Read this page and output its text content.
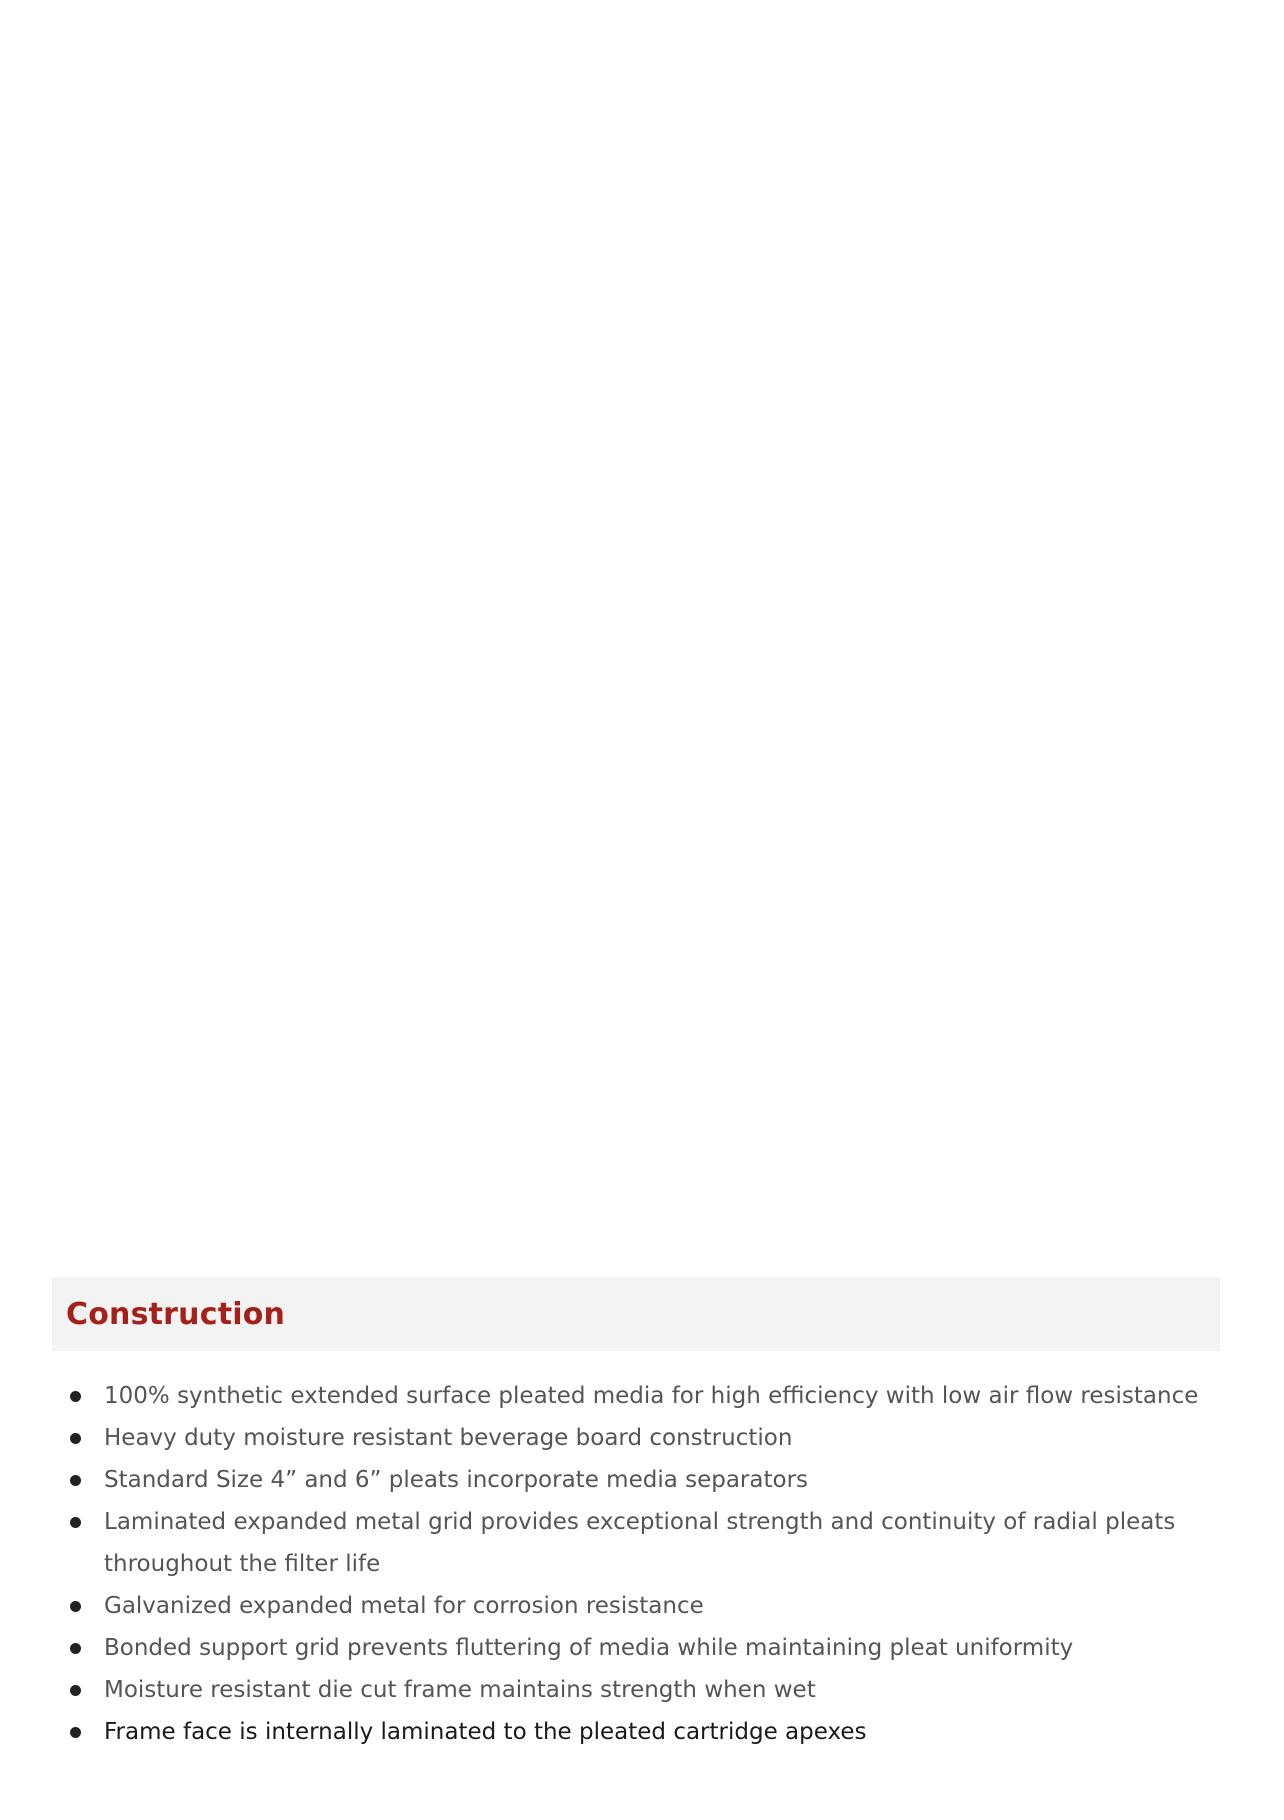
Construction
100% synthetic extended surface pleated media for high efficiency with low air flow resistance
Heavy duty moisture resistant beverage board construction
Standard Size 4” and 6” pleats incorporate media separators
Laminated expanded metal grid provides exceptional strength and continuity of radial pleats throughout the filter life
Galvanized expanded metal for corrosion resistance
Bonded support grid prevents fluttering of media while maintaining pleat uniformity
Moisture resistant die cut frame maintains strength when wet
Frame face is internally laminated to the pleated cartridge apexes
